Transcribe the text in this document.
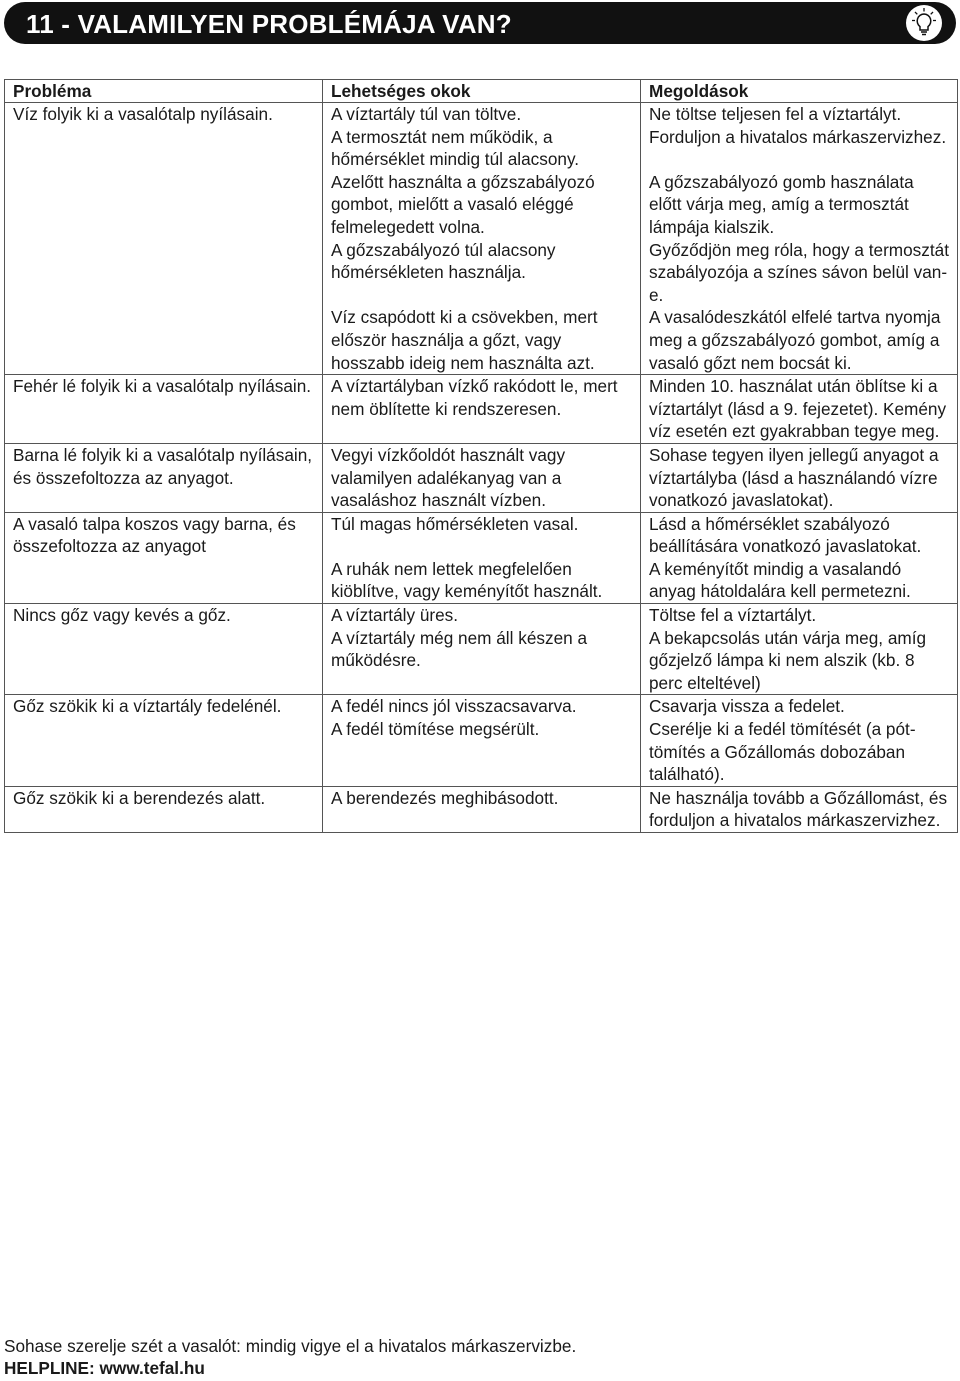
11 - VALAMILYEN PROBLÉMÁJA VAN?
Probléma	Lehetséges okok	Megoldások
Víz folyik ki a vasalótalp nyílásain.	A víztartály túl van töltve.	Ne töltse teljesen fel a víztartályt.
	A termosztát nem működik, a hőmérséklet mindig túl alacsony.	Forduljon a hivatalos márkaszervizhez.
	Azelőtt használta a gőzszabályozó gombot, mielőtt a vasaló eléggé felmelegedett volna.	A gőzszabályozó gomb használata előtt várja meg, amíg a termosztát lámpája kialszik.
	A gőzszabályozó túl alacsony hőmérsékleten használja.	Győződjön meg róla, hogy a termosztát szabályozója a színes sávon belül van-e.
	Víz csapódott ki a csövekben, mert először használja a gőzt, vagy hosszabb ideig nem használta azt.	A vasalódeszkától elfelé tartva nyomja meg a gőzszabályozó gombot, amíg a vasaló gőzt nem bocsát ki.
Fehér lé folyik ki a vasalótalp nyílásain.	A víztartályban vízkő rakódott le, mert nem öblítette ki rendszeresen.	Minden 10. használat után öblítse ki a víztartályt (lásd a 9. fejezetet). Kemény víz esetén ezt gyakrabban tegye meg.
Barna lé folyik ki a vasalótalp nyílásain, és összefoltozza az anyagot.	Vegyi vízkőoldót használt vagy valamilyen adalékanyag van a vasaláshoz használt vízben.	Sohase tegyen ilyen jellegű anyagot a víztartályba (lásd a használandó vízre vonatkozó javaslatokat).
A vasaló talpa koszos vagy barna, és összefoltozza az anyagot	Túl magas hőmérsékleten vasal.	Lásd a hőmérséklet szabályozó beállítására vonatkozó javaslatokat.
	A ruhák nem lettek megfelelően kiöblítve, vagy keményítőt használt.	A keményítőt mindig a vasalandó anyag hátoldalára kell permetezni.
Nincs gőz vagy kevés a gőz.	A víztartály üres.	Töltse fel a víztartályt.
	A víztartály még nem áll készen a működésre.	A bekapcsolás után várja meg, amíg gőzjelző lámpa ki nem alszik (kb. 8 perc elteltével)
Gőz szökik ki a víztartály fedelénél.	A fedél nincs jól visszacsavarva.	Csavarja vissza a fedelet.
	A fedél tömítése megsérült.	Cserélje ki a fedél tömítését (a póttömítés a Gőzállomás dobozában található).
Gőz szökik ki a berendezés alatt.	A berendezés meghibásodott.	Ne használja tovább a Gőzállomást, és forduljon a hivatalos márkaszervizhez.
Sohase szerelje szét a vasalót: mindig vigye el a hivatalos márkaszervizbe.
HELPLINE: www.tefal.hu
